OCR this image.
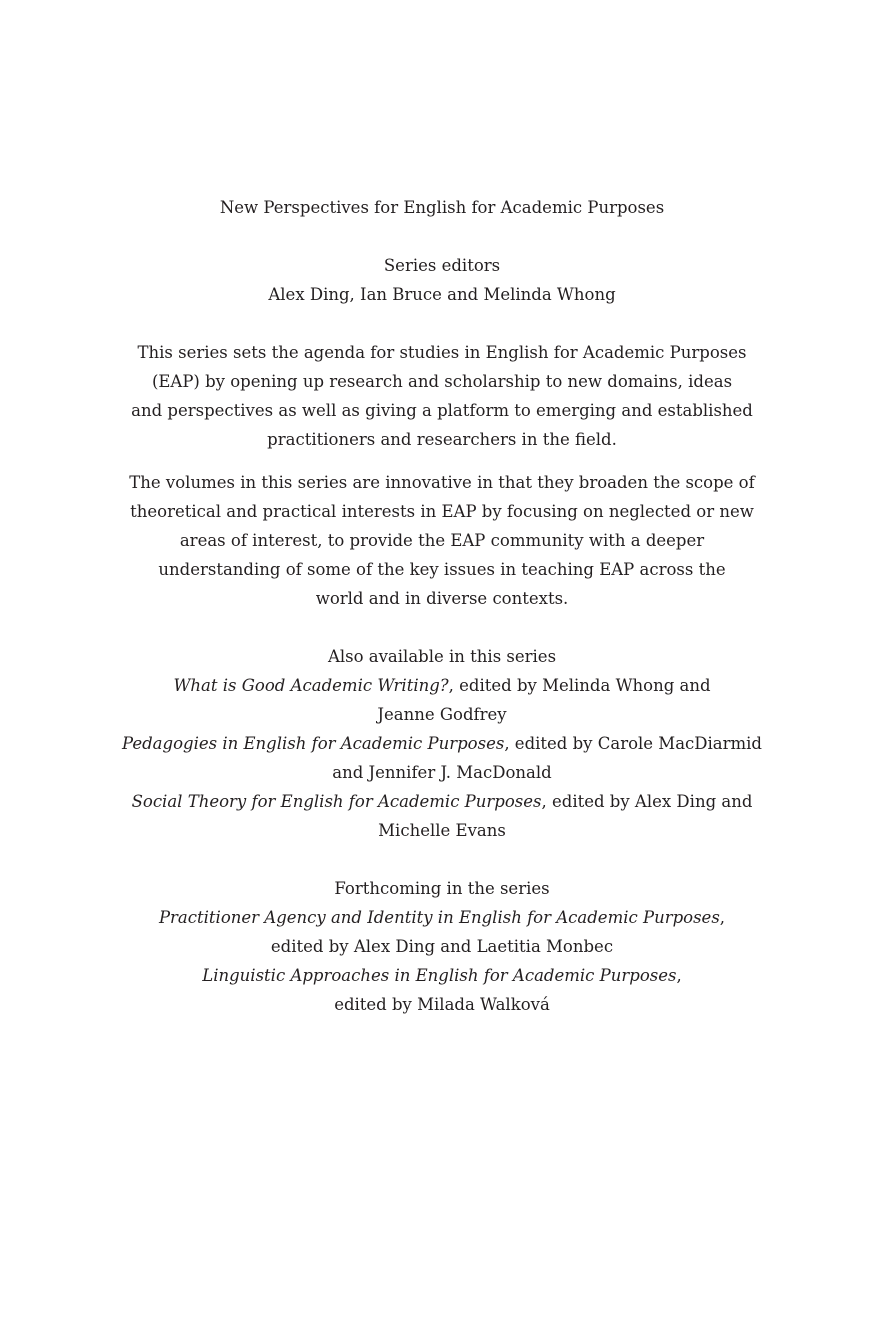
New Perspectives for English for Academic Purposes
Series editors
Alex Ding, Ian Bruce and Melinda Whong
This series sets the agenda for studies in English for Academic Purposes
(EAP) by opening up research and scholarship to new domains, ideas
and perspectives as well as giving a platform to emerging and established
practitioners and researchers in the field.
The volumes in this series are innovative in that they broaden the scope of
theoretical and practical interests in EAP by focusing on neglected or new
areas of interest, to provide the EAP community with a deeper
understanding of some of the key issues in teaching EAP across the
world and in diverse contexts.
Also available in this series
What is Good Academic Writing?, edited by Melinda Whong and
Jeanne Godfrey
Pedagogies in English for Academic Purposes, edited by Carole MacDiarmid
and Jennifer J. MacDonald
Social Theory for English for Academic Purposes, edited by Alex Ding and
Michelle Evans
Forthcoming in the series
Practitioner Agency and Identity in English for Academic Purposes,
edited by Alex Ding and Laetitia Monbec
Linguistic Approaches in English for Academic Purposes,
edited by Milada Walková
